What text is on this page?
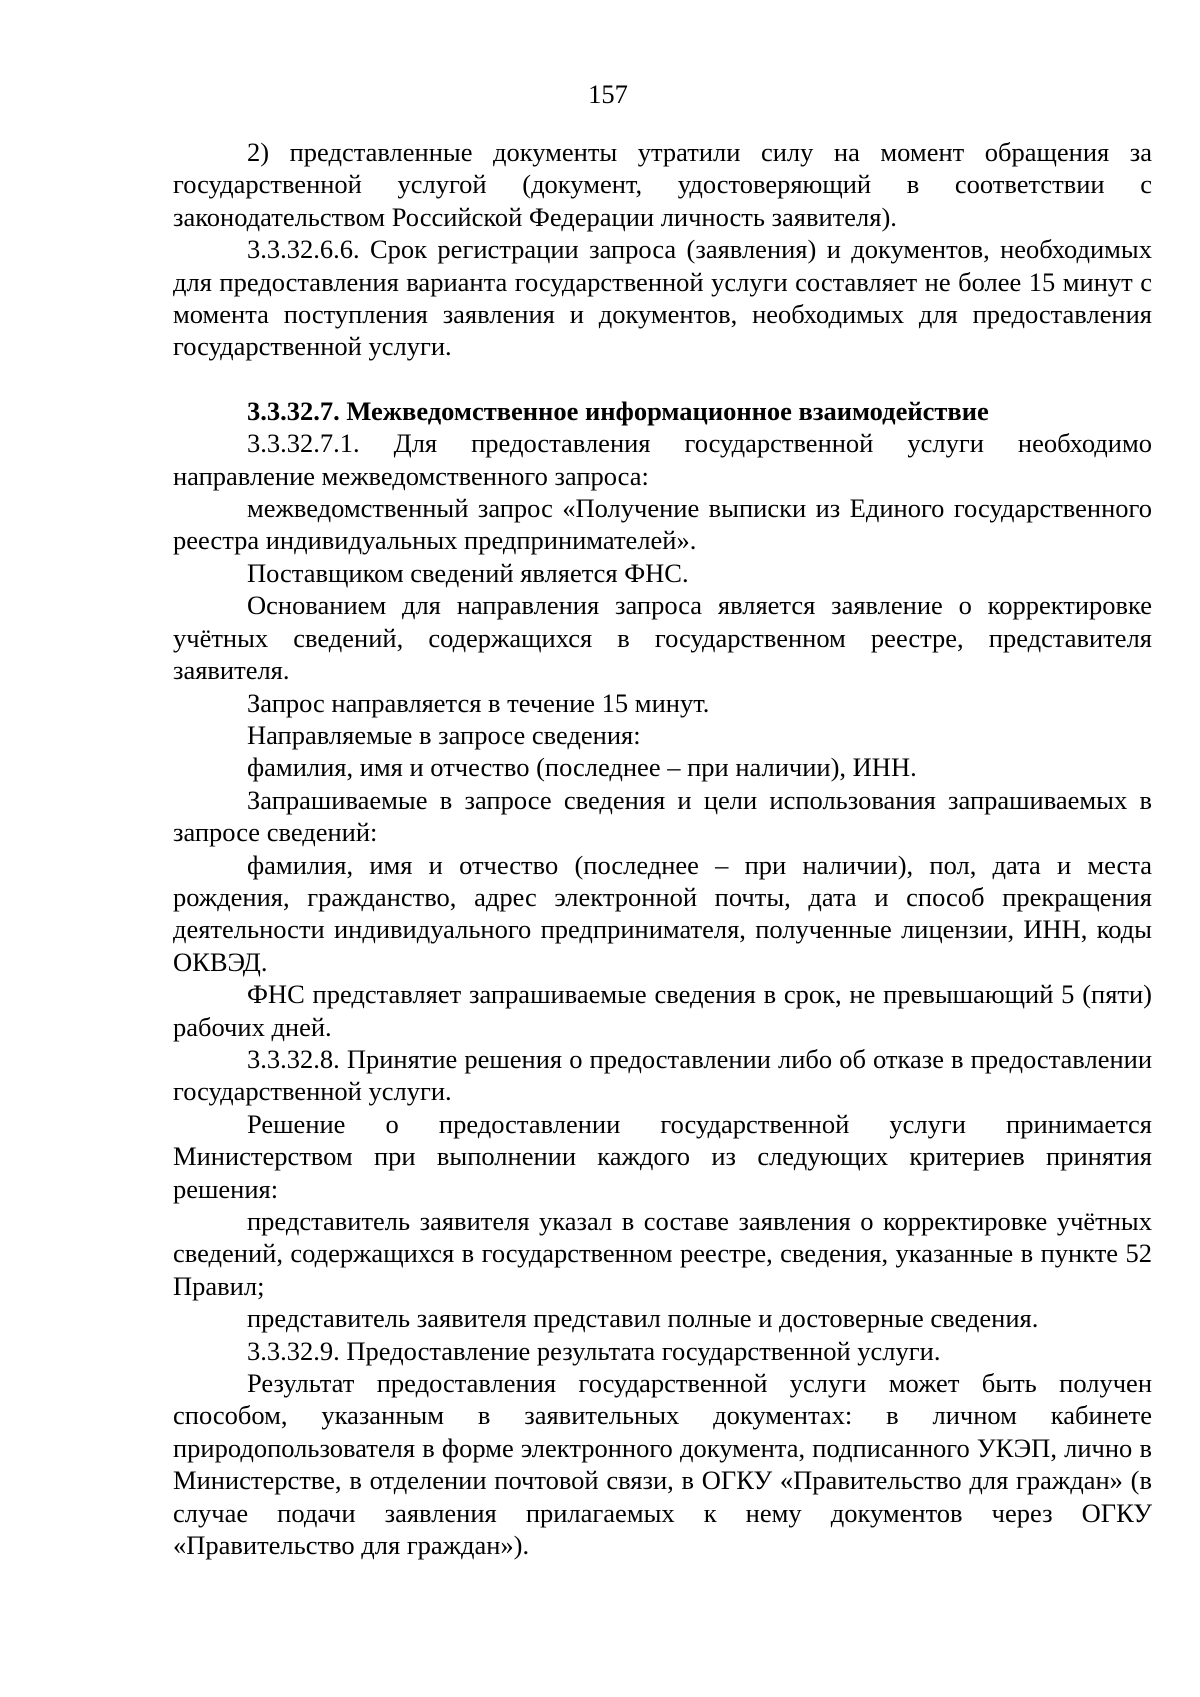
157

2) представленные документы утратили силу на момент обращения за государственной услугой (документ, удостоверяющий в соответствии с законодательством Российской Федерации личность заявителя).

3.3.32.6.6. Срок регистрации запроса (заявления) и документов, необходимых для предоставления варианта государственной услуги составляет не более 15 минут с момента поступления заявления и документов, необходимых для предоставления государственной услуги.

3.3.32.7. Межведомственное информационное взаимодействие

3.3.32.7.1. Для предоставления государственной услуги необходимо направление межведомственного запроса:

межведомственный запрос «Получение выписки из Единого государственного реестра индивидуальных предпринимателей».

Поставщиком сведений является ФНС.

Основанием для направления запроса является заявление о корректировке учётных сведений, содержащихся в государственном реестре, представителя заявителя.

Запрос направляется в течение 15 минут.

Направляемые в запросе сведения:

фамилия, имя и отчество (последнее – при наличии), ИНН.

Запрашиваемые в запросе сведения и цели использования запрашиваемых в запросе сведений:

фамилия, имя и отчество (последнее – при наличии), пол, дата и места рождения, гражданство, адрес электронной почты, дата и способ прекращения деятельности индивидуального предпринимателя, полученные лицензии, ИНН, коды ОКВЭД.

ФНС представляет запрашиваемые сведения в срок, не превышающий 5 (пяти) рабочих дней.

3.3.32.8. Принятие решения о предоставлении либо об отказе в предоставлении государственной услуги.

Решение о предоставлении государственной услуги принимается Министерством при выполнении каждого из следующих критериев принятия решения:

представитель заявителя указал в составе заявления о корректировке учётных сведений, содержащихся в государственном реестре, сведения, указанные в пункте 52 Правил;

представитель заявителя представил полные и достоверные сведения.

3.3.32.9. Предоставление результата государственной услуги.

Результат предоставления государственной услуги может быть получен способом, указанным в заявительных документах: в личном кабинете природопользователя в форме электронного документа, подписанного УКЭП, лично в Министерстве, в отделении почтовой связи, в ОГКУ «Правительство для граждан» (в случае подачи заявления прилагаемых к нему документов через ОГКУ «Правительство для граждан»).
